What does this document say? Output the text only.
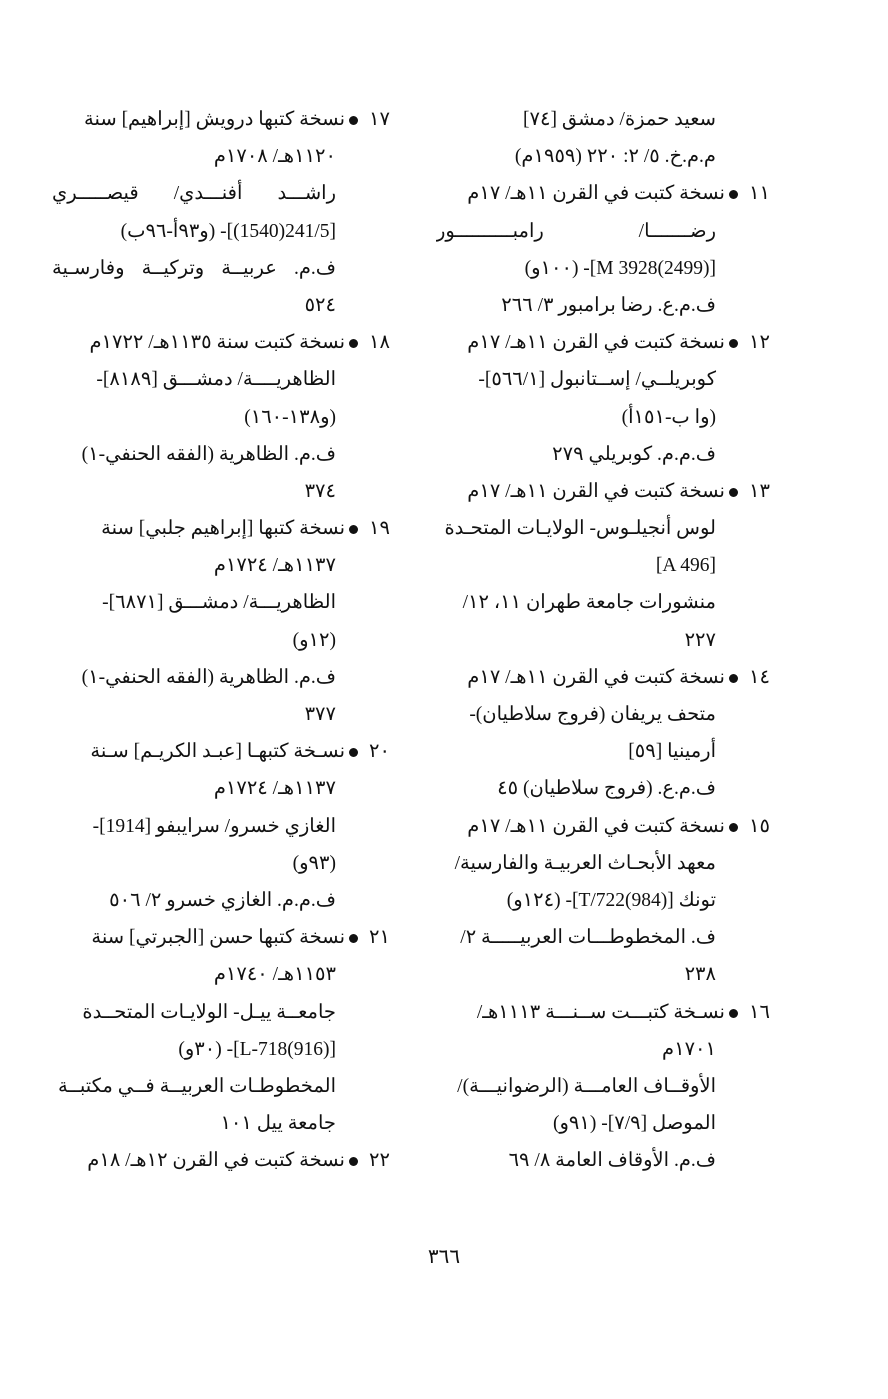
سعيد حمزة/ دمشق [٧٤]
م.م.خ. ٥/ ٢: ٢٢٠ (١٩٥٩م)
١١نسخة كتبت في القرن ١١هـ/ ١٧م
رضـــــــا/ رامبــــــــــور
[M 3928(2499)]- (١٠٠و)
ف.م.ع. رضا برامبور ٣/ ٢٦٦
١٢نسخة كتبت في القرن ١١هـ/ ١٧م
كوبريلــي/ إســتانبول [٥٦٦/١]-
(وا ب-١٥١أ)
ف.م.م. كوبريلي ٢٧٩
١٣نسخة كتبت في القرن ١١هـ/ ١٧م
لوس أنجيلـوس- الولايـات المتحـدة
[A 496]
منشورات جامعة طهران ١١، ١٢/
٢٢٧
١٤نسخة كتبت في القرن ١١هـ/ ١٧م
متحف يريفان (فروج سلاطيان)-
أرمينيا [٥٩]
ف.م.ع. (فروج سلاطيان) ٤٥
١٥نسخة كتبت في القرن ١١هـ/ ١٧م
معهد الأبحـاث العربيـة والفارسية/
تونك [T/722(984)]- (١٢٤و)
ف. المخطوطـــات العربيـــــة ٢/
٢٣٨
١٦نسـخة كتبـــت ســنـــة ١١١٣هـ/
١٧٠١م
الأوقــاف العامـــة (الرضوانيـــة)/
الموصل [٧/٩]- (٩١و)
ف.م. الأوقاف العامة ٨/ ٦٩
١٧نسخة كتبها درويش [إبراهيم] سنة
١١٢٠هـ/ ١٧٠٨م
راشـــد أفنـــدي/ قيصـــــري
[241/5(1540)]- (و٩٣أ-٩٦ب)
ف.م. عربيــة وتركيــة وفارسـية
٥٢٤
١٨نسخة كتبت سنة ١١٣٥هـ/ ١٧٢٢م
الظاهريــــة/ دمشـــق [٨١٨٩]-
(و١٣٨-١٦٠)
ف.م. الظاهرية (الفقه الحنفي-١)
٣٧٤
١٩نسخة كتبها [إبراهيم جلبي] سنة
١١٣٧هـ/ ١٧٢٤م
الظاهريـــة/ دمشـــق [٦٨٧١]-
(١٢و)
ف.م. الظاهرية (الفقه الحنفي-١)
٣٧٧
٢٠نسـخة كتبهـا [عبـد الكريـم] سـنة
١١٣٧هـ/ ١٧٢٤م
الغازي خسرو/ سرايبفو [1914]-
(٩٣و)
ف.م.م. الغازي خسرو ٢/ ٥٠٦
٢١نسخة كتبها حسن [الجبرتي] سنة
١١٥٣هـ/ ١٧٤٠م
جامعــة ييـل- الولايـات المتحــدة
[L-718(916)]- (٣٠و)
المخطوطـات العربيــة فــي مكتبــة
جامعة ييل ١٠١
٢٢نسخة كتبت في القرن ١٢هـ/ ١٨م
٣٦٦
